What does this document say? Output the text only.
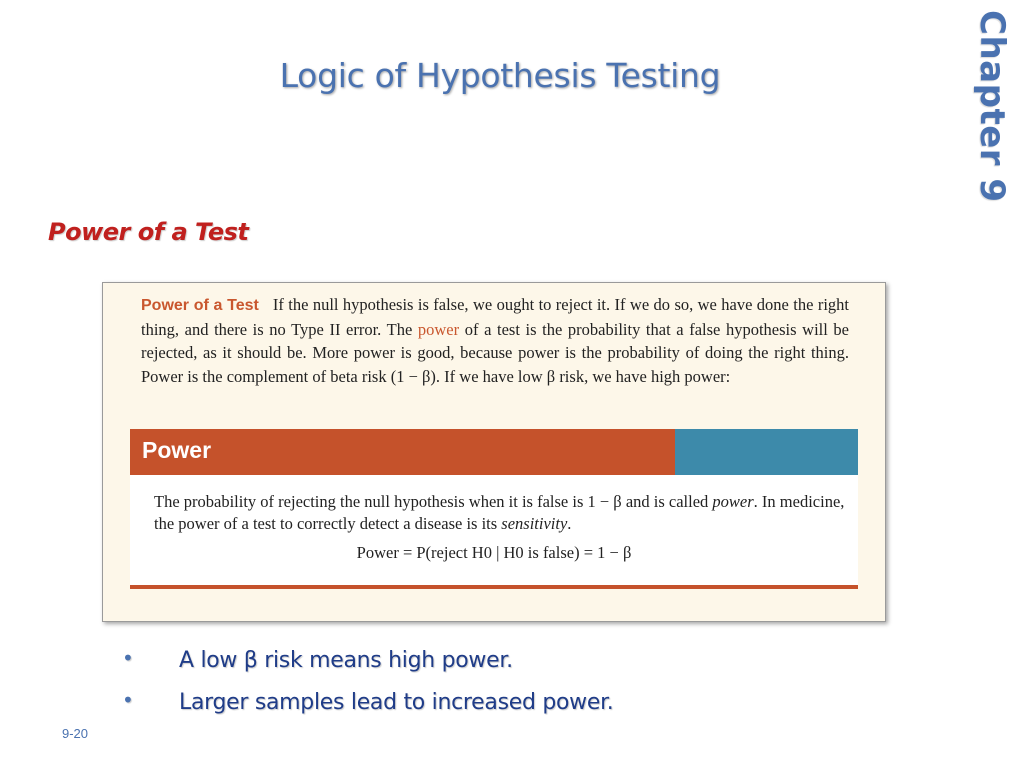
Logic of Hypothesis Testing	Chapter 9
Power of a Test
Power of a Test If the null hypothesis is false, we ought to reject it. If we do so, we have done the right thing, and there is no Type II error. The power of a test is the probability that a false hypothesis will be rejected, as it should be. More power is good, because power is the probability of doing the right thing. Power is the complement of beta risk (1 − β). If we have low β risk, we have high power:
Power
The probability of rejecting the null hypothesis when it is false is 1 − β and is called power. In medicine, the power of a test to correctly detect a disease is its sensitivity.
Power = P(reject H0 | H0 is false) = 1 − β
• A low β risk means high power.
• Larger samples lead to increased power.
9-20
